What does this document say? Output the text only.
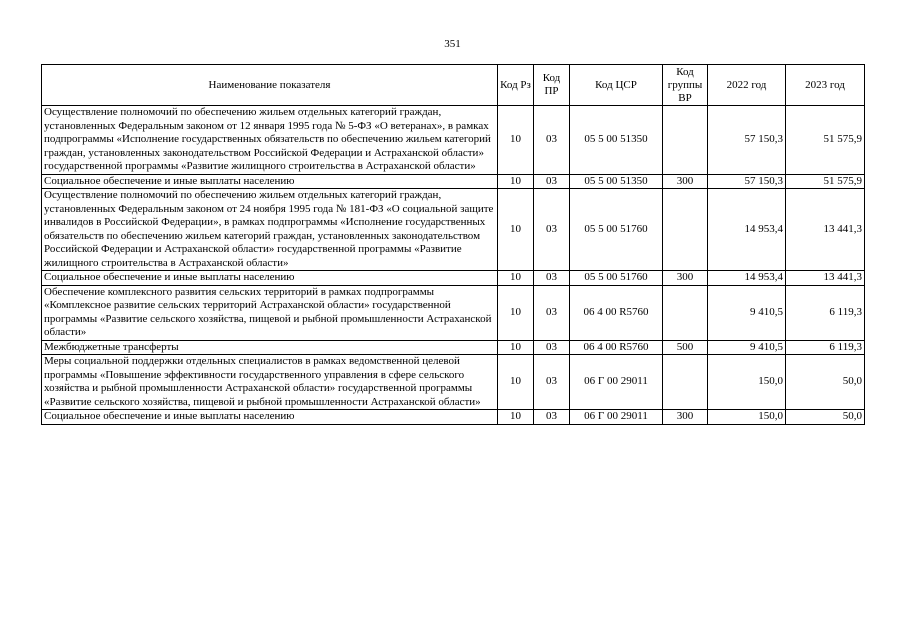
351
Наименование показателя	Код Рз	Код ПР	Код ЦСР	Код группы ВР	2022 год	2023 год
Осуществление полномочий по обеспечению жильем отдельных категорий граждан, установленных Федеральным законом от 12 января 1995 года № 5-ФЗ «О ветеранах», в рамках подпрограммы «Исполнение государственных обязательств по обеспечению жильем категорий граждан, установленных законодательством Российской Федерации и Астраханской области» государственной программы «Развитие жилищного строительства в Астраханской области»	10	03	05 5 00 51350		57 150,3	51 575,9
Социальное обеспечение и иные выплаты населению	10	03	05 5 00 51350	300	57 150,3	51 575,9
Осуществление полномочий по обеспечению жильем отдельных категорий граждан, установленных Федеральным законом от 24 ноября 1995 года № 181-ФЗ «О социальной защите инвалидов в Российской Федерации», в рамках подпрограммы «Исполнение государственных обязательств по обеспечению жильем категорий граждан, установленных законодательством Российской Федерации и Астраханской области» государственной программы «Развитие жилищного строительства в Астраханской области»	10	03	05 5 00 51760		14 953,4	13 441,3
Социальное обеспечение и иные выплаты населению	10	03	05 5 00 51760	300	14 953,4	13 441,3
Обеспечение комплексного развития сельских территорий в рамках подпрограммы «Комплексное развитие сельских территорий Астраханской области» государственной программы «Развитие сельского хозяйства, пищевой и рыбной промышленности Астраханской области»	10	03	06 4 00 R5760		9 410,5	6 119,3
Межбюджетные трансферты	10	03	06 4 00 R5760	500	9 410,5	6 119,3
Меры социальной поддержки отдельных специалистов в рамках ведомственной целевой программы «Повышение эффективности государственного управления в сфере сельского хозяйства и рыбной промышленности Астраханской области» государственной программы «Развитие сельского хозяйства, пищевой и рыбной промышленности Астраханской области»	10	03	06 Г 00 29011		150,0	50,0
Социальное обеспечение и иные выплаты населению	10	03	06 Г 00 29011	300	150,0	50,0
